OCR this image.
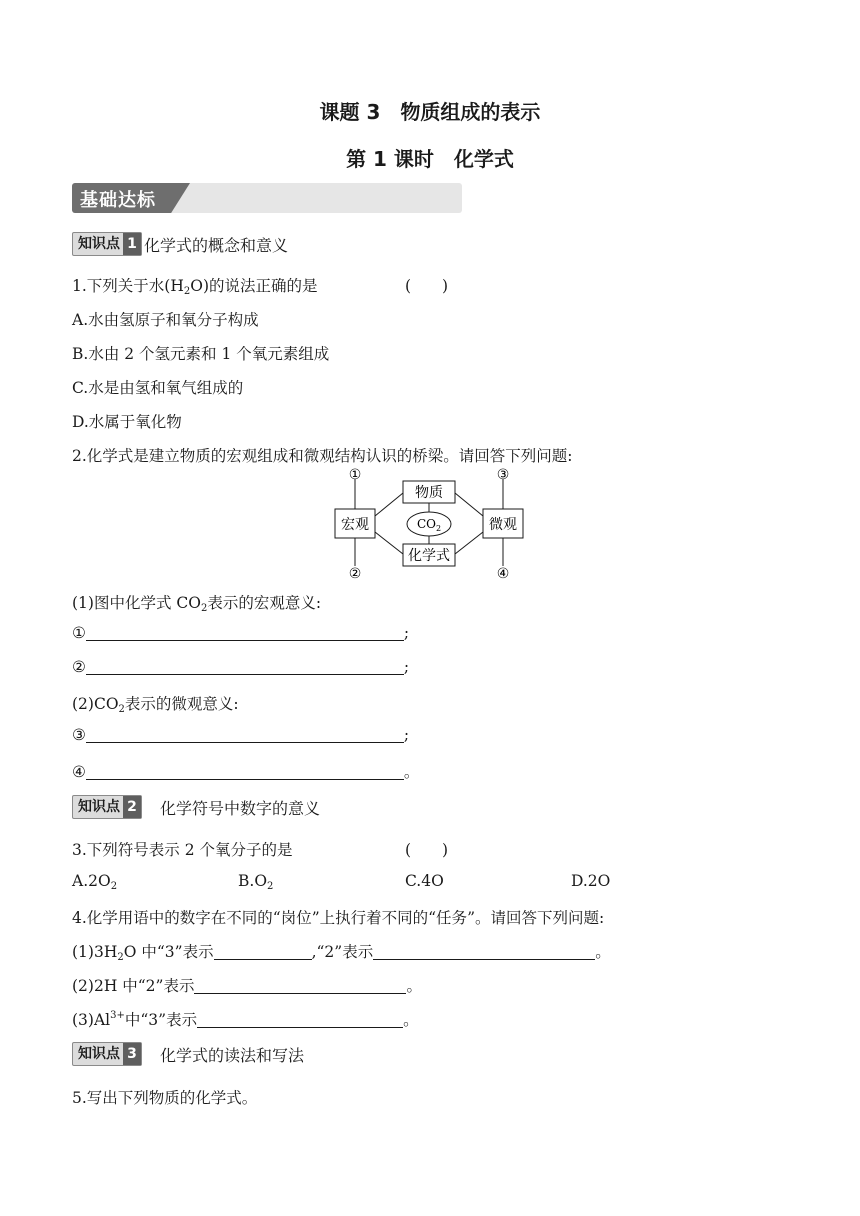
课题 3 物质组成的表示
第 1 课时 化学式
基础达标
知识点 1 化学式的概念和意义
1.下列关于水$(H_2O)$的说法正确的是	(　　)
A.水由氢原子和氧分子构成
B.水由 2 个氢元素和 1 个氧元素组成
C.水是由氢和氧气组成的
D.水属于氧化物
2.化学式是建立物质的宏观组成和微观结构认识的桥梁。请回答下列问题:
宏观	微观
物质
化学式
$CO_2$
①
②
③
④
(1)图中化学式 $CO_2$表示的宏观意义:
①	;
②	;
$(2)CO_2$表示的微观意义:
③	;
④	。
知识点 2 化学符号中数字的意义
3.下列符号表示 2 个氧分子的是	(　　)
$A.2O_2$	$B.O_2$	C.4O	D.2O
4.化学用语中的数字在不同的“岗位”上执行着不同的“任务”。请回答下列问题:
$(1)3H_2O$ 中“3”表示	,“2”表示	。
(2)2H 中“2”表示	。
$(3)Al^{3+}$中“3”表示	。
知识点 3 化学式的读法和写法
5.写出下列物质的化学式。
